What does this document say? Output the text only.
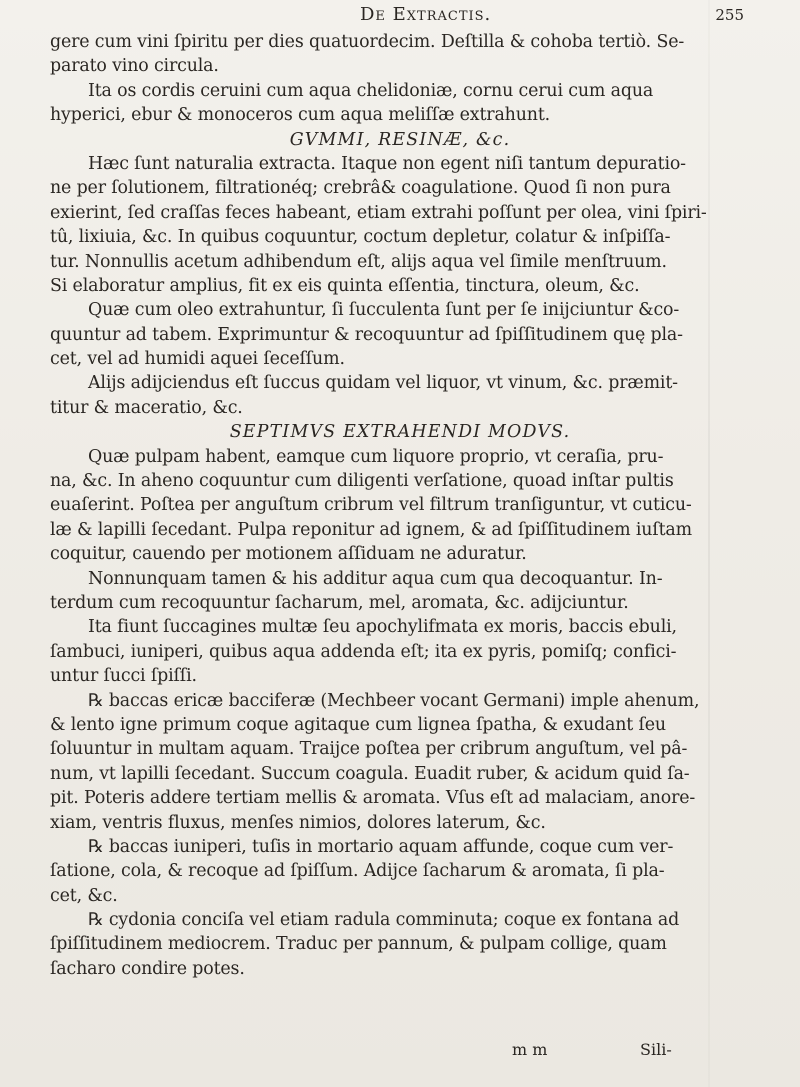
De Extractis.	255
gere cum vini ſpiritu per dies quatuordecim. Deſtilla & cohoba tertiò. Se-
parato vino circula.
Ita os cordis ceruini cum aqua chelidoniæ, cornu cerui cum aqua
hyperici, ebur & monoceros cum aqua meliſſæ extrahunt.
GVMMI, RESINÆ, &c.
Hæc ſunt naturalia extracta. Itaque non egent niſi tantum depuratio-
ne per ſolutionem, filtrationéq; crebrâ& coagulatione. Quod ſi non pura
exierint, ſed craſſas feces habeant, etiam extrahi poſſunt per olea, vini ſpiri-
tû, lixiuia, &c. In quibus coquuntur, coctum depletur, colatur & inſpiſſa-
tur. Nonnullis acetum adhibendum eſt, alijs aqua vel ſimile menſtruum.
Si elaboratur amplius, fit ex eis quinta eſſentia, tinctura, oleum, &c.
Quæ cum oleo extrahuntur, ſi ſucculenta ſunt per ſe inijciuntur &co-
quuntur ad tabem. Exprimuntur & recoquuntur ad ſpiſſitudinem quę pla-
cet, vel ad humidi aquei ſeceſſum.
Alijs adijciendus eſt ſuccus quidam vel liquor, vt vinum, &c. præmit-
titur & maceratio, &c.
SEPTIMVS EXTRAHENDI MODVS.
Quæ pulpam habent, eamque cum liquore proprio, vt ceraſia, pru-
na, &c. In aheno coquuntur cum diligenti verſatione, quoad inſtar pultis
euaſerint. Poſtea per anguſtum cribrum vel filtrum tranſiguntur, vt cuticu-
læ & lapilli ſecedant. Pulpa reponitur ad ignem, & ad ſpiſſitudinem iuſtam
coquitur, cauendo per motionem aſſiduam ne aduratur.
Nonnunquam tamen & his additur aqua cum qua decoquantur. In-
terdum cum recoquuntur ſacharum, mel, aromata, &c. adijciuntur.
Ita fiunt ſuccagines multæ ſeu apochylifmata ex moris, baccis ebuli,
ſambuci, iuniperi, quibus aqua addenda eſt; ita ex pyris, pomiſq; confici-
untur ſucci ſpiſſi.
℞ baccas ericæ bacciferæ (Mechbeer vocant Germani) imple ahenum,
& lento igne primum coque agitaque cum lignea ſpatha, & exudant ſeu
ſoluuntur in multam aquam. Traijce poſtea per cribrum anguſtum, vel pâ-
num, vt lapilli ſecedant. Succum coagula. Euadit ruber, & acidum quid ſa-
pit. Poteris addere tertiam mellis & aromata. Vſus eſt ad malaciam, anore-
xiam, ventris fluxus, menſes nimios, dolores laterum, &c.
℞ baccas iuniperi, tuſis in mortario aquam affunde, coque cum ver-
ſatione, cola, & recoque ad ſpiſſum. Adijce ſacharum & aromata, ſi pla-
cet, &c.
℞ cydonia conciſa vel etiam radula comminuta; coque ex fontana ad
ſpiſſitudinem mediocrem. Traduc per pannum, & pulpam collige, quam
ſacharo condire potes.
m m	Sili-
